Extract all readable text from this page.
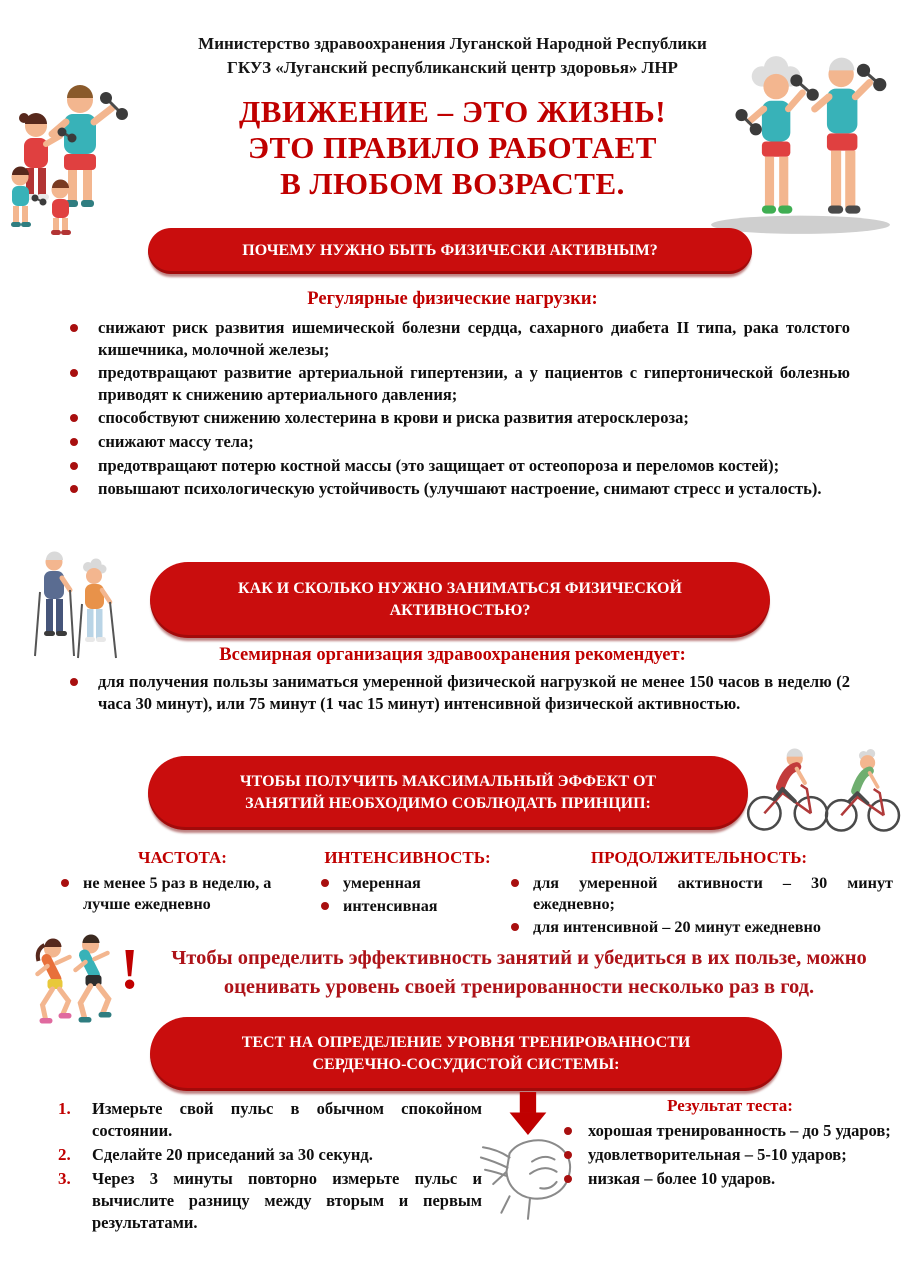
Министерство здравоохранения Луганской Народной Республики
ГКУЗ «Луганский республиканский центр здоровья» ЛНР
ДВИЖЕНИЕ – ЭТО ЖИЗНЬ!
ЭТО ПРАВИЛО РАБОТАЕТ
В ЛЮБОМ ВОЗРАСТЕ.
ПОЧЕМУ НУЖНО БЫТЬ ФИЗИЧЕСКИ АКТИВНЫМ?
Регулярные физические нагрузки:
снижают риск развития ишемической болезни сердца, сахарного диабета II типа, рака толстого кишечника, молочной железы;
предотвращают развитие артериальной гипертензии, а у пациентов с гипертонической болезнью приводят к снижению артериального давления;
способствуют снижению холестерина в крови и риска развития атеросклероза;
снижают массу тела;
предотвращают потерю костной массы (это защищает от остеопороза и переломов костей);
повышают психологическую устойчивость (улучшают настроение, снимают стресс и усталость).
КАК И СКОЛЬКО НУЖНО ЗАНИМАТЬСЯ ФИЗИЧЕСКОЙ АКТИВНОСТЬЮ?
Всемирная организация здравоохранения рекомендует:
для получения пользы заниматься умеренной физической нагрузкой не менее 150 часов в неделю (2 часа 30 минут), или 75 минут (1 час 15 минут) интенсивной физической активностью.
ЧТОБЫ ПОЛУЧИТЬ МАКСИМАЛЬНЫЙ ЭФФЕКТ ОТ ЗАНЯТИЙ НЕОБХОДИМО СОБЛЮДАТЬ ПРИНЦИП:
ЧАСТОТА:
не менее 5 раз в неделю, а лучше ежедневно
ИНТЕНСИВНОСТЬ:
умеренная
интенсивная
ПРОДОЛЖИТЕЛЬНОСТЬ:
для умеренной активности – 30 минут ежедневно;
для интенсивной – 20 минут ежедневно
!	Чтобы определить эффективность занятий и убедиться в их пользе, можно оценивать уровень своей тренированности несколько раз в год.
ТЕСТ НА ОПРЕДЕЛЕНИЕ УРОВНЯ ТРЕНИРОВАННОСТИ СЕРДЕЧНО-СОСУДИСТОЙ СИСТЕМЫ:
1.	Измерьте свой пульс в обычном спокойном состоянии.
2.	Сделайте 20 приседаний за 30 секунд.
3.	Через 3 минуты повторно измерьте пульс и вычислите разницу между вторым и первым результатами.
Результат теста:
хорошая тренированность – до 5 ударов;
удовлетворительная – 5-10 ударов;
низкая – более 10 ударов.
